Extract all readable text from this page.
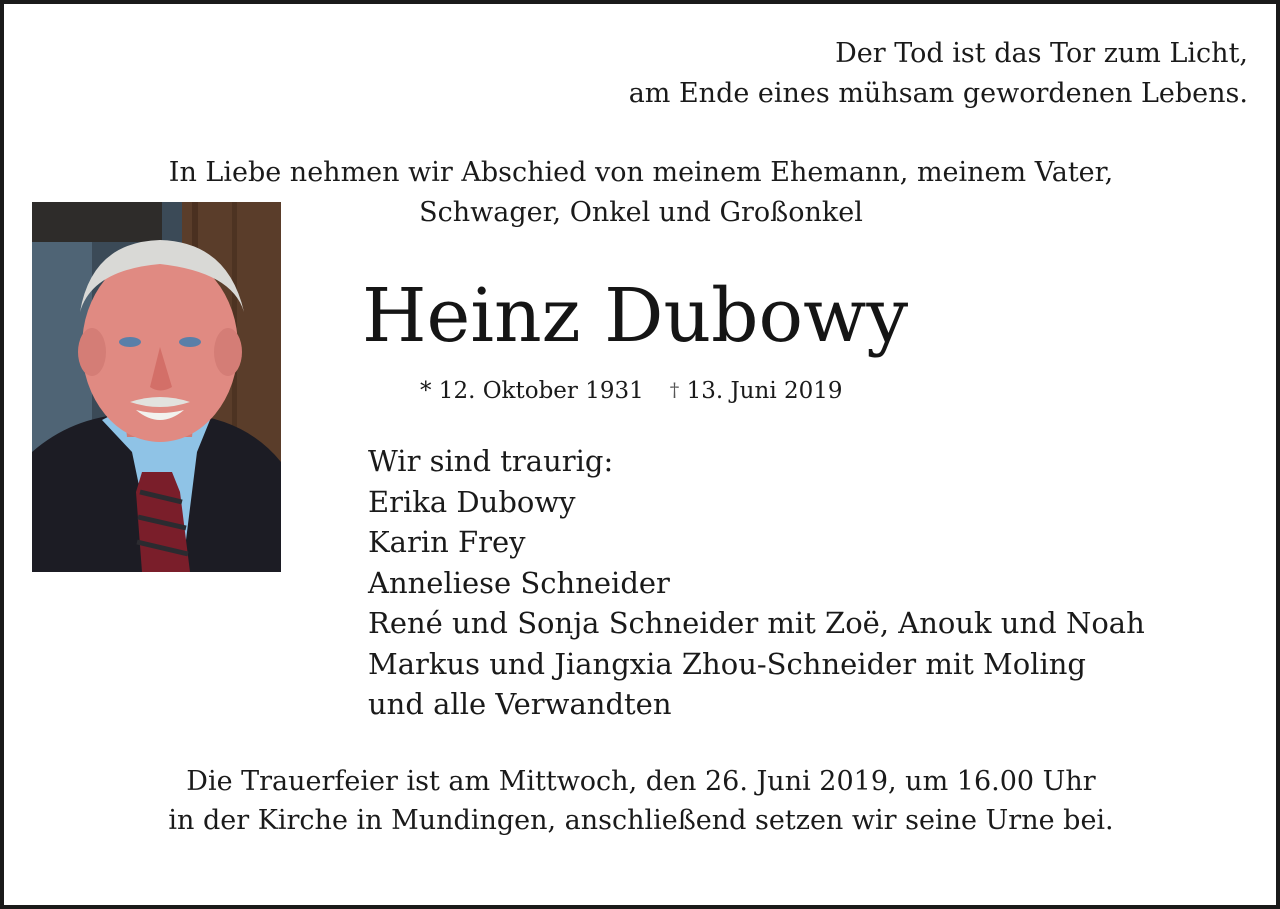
Der Tod ist das Tor zum Licht,
am Ende eines mühsam gewordenen Lebens.

In Liebe nehmen wir Abschied von meinem Ehemann, meinem Vater,
Schwager, Onkel und Großonkel

Heinz Dubowy

* 12. Oktober 1931 † 13. Juni 2019

Wir sind traurig:
Erika Dubowy
Karin Frey
Anneliese Schneider
René und Sonja Schneider mit Zoë, Anouk und Noah
Markus und Jiangxia Zhou-Schneider mit Moling
und alle Verwandten

Die Trauerfeier ist am Mittwoch, den 26. Juni 2019, um 16.00 Uhr
in der Kirche in Mundingen, anschließend setzen wir seine Urne bei.
